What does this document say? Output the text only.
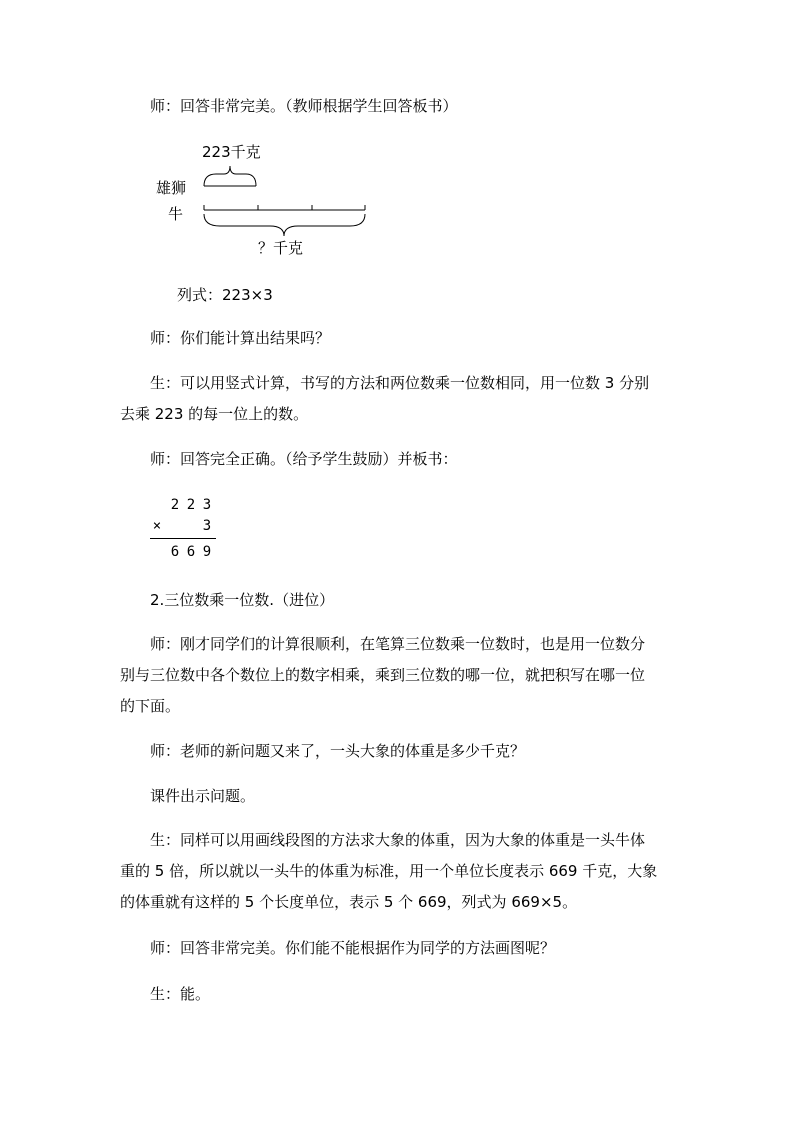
师：回答非常完美。（教师根据学生回答板书）
223千克
雄狮
牛
？千克
列式：223×3
师：你们能计算出结果吗？
生：可以用竖式计算，书写的方法和两位数乘一位数相同，用一位数 3 分别
去乘 223 的每一位上的数。
师：回答完全正确。（给予学生鼓励）并板书：
2 2 3
×	3
6 6 9
2.三位数乘一位数.（进位）
师：刚才同学们的计算很顺利，在笔算三位数乘一位数时，也是用一位数分
别与三位数中各个数位上的数字相乘，乘到三位数的哪一位，就把积写在哪一位
的下面。
师：老师的新问题又来了，一头大象的体重是多少千克？
课件出示问题。
生：同样可以用画线段图的方法求大象的体重，因为大象的体重是一头牛体
重的 5 倍，所以就以一头牛的体重为标准，用一个单位长度表示 669 千克，大象
的体重就有这样的 5 个长度单位，表示 5 个 669，列式为 669×5。
师：回答非常完美。你们能不能根据作为同学的方法画图呢？
生：能。
